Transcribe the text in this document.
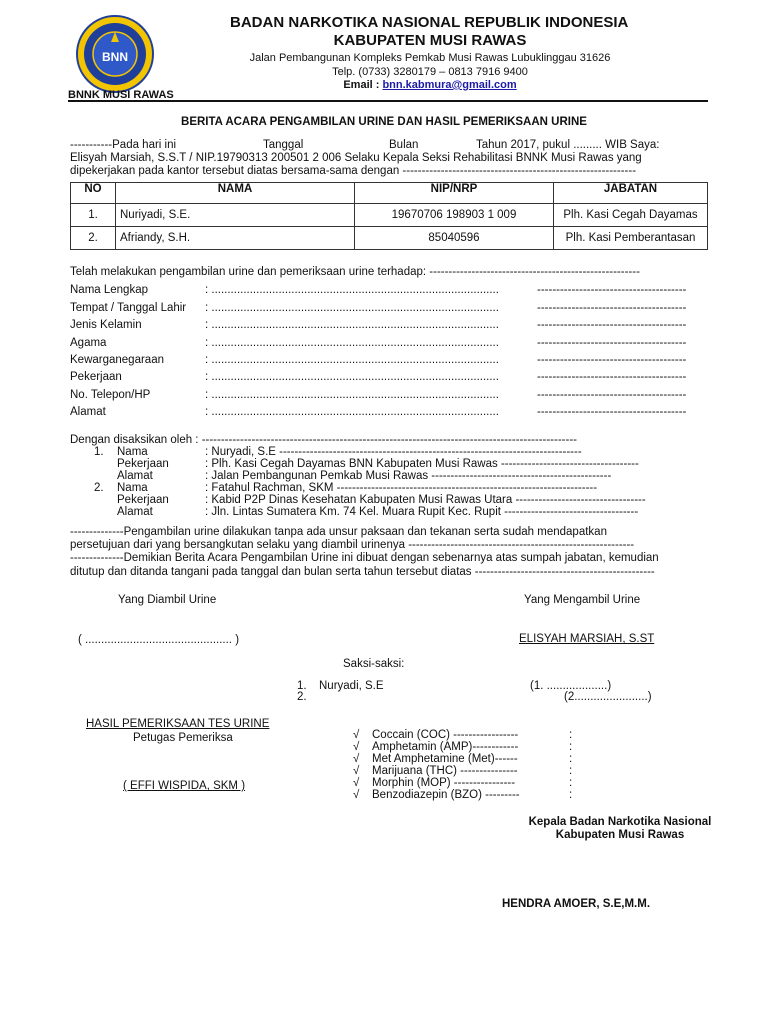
BNN
BADAN NARKOTIKA NASIONAL REPUBLIK INDONESIA
KABUPATEN MUSI RAWAS
Jalan Pembangunan Kompleks Pemkab Musi Rawas Lubuklinggau 31626
Telp. (0733) 3280179 – 0813 7916 9400
Email : bnn.kabmura@gmail.com
BNNK MUSI RAWAS
BERITA ACARA PENGAMBILAN URINE DAN HASIL PEMERIKSAAN URINE
-----------Pada hari ini	Tanggal	Bulan	Tahun 2017, pukul ......... WIB Saya:
Elisyah Marsiah, S.S.T / NIP.19790313 200501 2 006 Selaku Kepala Seksi Rehabilitasi BNNK Musi Rawas yang
dipekerjakan pada kantor tersebut diatas bersama-sama dengan -------------------------------------------------------------
NO	NAMA	NIP/NRP	JABATAN
1.	Nuriyadi, S.E.	19670706 198903 1 009	Plh. Kasi Cegah Dayamas
2.	Afriandy, S.H.	85040596	Plh. Kasi Pemberantasan
Telah melakukan pengambilan urine dan pemeriksaan urine terhadap: -------------------------------------------------------
Nama Lengkap	: ..........................................................................................	---------------------------------------
Tempat / Tanggal Lahir : ..........................................................................................	---------------------------------------
Jenis Kelamin	: ..........................................................................................	---------------------------------------
Agama	: ..........................................................................................	---------------------------------------
Kewarganegaraan	: ..........................................................................................	---------------------------------------
Pekerjaan	: ..........................................................................................	---------------------------------------
No. Telepon/HP	: ..........................................................................................	---------------------------------------
Alamat	: ..........................................................................................	---------------------------------------
Dengan disaksikan oleh : --------------------------------------------------------------------------------------------------
1. Nama	: Nuryadi, S.E -------------------------------------------------------------------------------
Pekerjaan	: Plh. Kasi Cegah Dayamas BNN Kabupaten Musi Rawas ------------------------------------
Alamat	: Jalan Pembangunan Pemkab Musi Rawas -----------------------------------------------
2. Nama	: Fatahul Rachman, SKM --------------------------------------------------------------------
Pekerjaan	: Kabid P2P Dinas Kesehatan Kabupaten Musi Rawas Utara ----------------------------------
Alamat	: Jln. Lintas Sumatera Km. 74 Kel. Muara Rupit Kec. Rupit -----------------------------------
--------------Pengambilan urine dilakukan tanpa ada unsur paksaan dan tekanan serta sudah mendapatkan
persetujuan dari yang bersangkutan selaku yang diambil urinenya -----------------------------------------------------------
--------------Demikian Berita Acara Pengambilan Urine ini dibuat dengan sebenarnya atas sumpah jabatan, kemudian
ditutup dan ditanda tangani pada tanggal dan bulan serta tahun tersebut diatas -----------------------------------------------
Yang Diambil Urine	Yang Mengambil Urine
( .............................................. )	ELISYAH MARSIAH, S.ST
Saksi-saksi:
1. Nuryadi, S.E	(1. ...................)
2.	(2.......................)
HASIL PEMERIKSAAN TES URINE
Petugas Pemeriksa
( EFFI WISPIDA, SKM )
√ Coccain (COC) -----------------	:
√ Amphetamin (AMP)------------	:
√ Met Amphetamine (Met)------	:
√ Marijuana (THC) ---------------	:
√ Morphin (MOP) ----------------	:
√ Benzodiazepin (BZO) ---------	:
Kepala Badan Narkotika Nasional
Kabupaten Musi Rawas
HENDRA AMOER, S.E,M.M.
